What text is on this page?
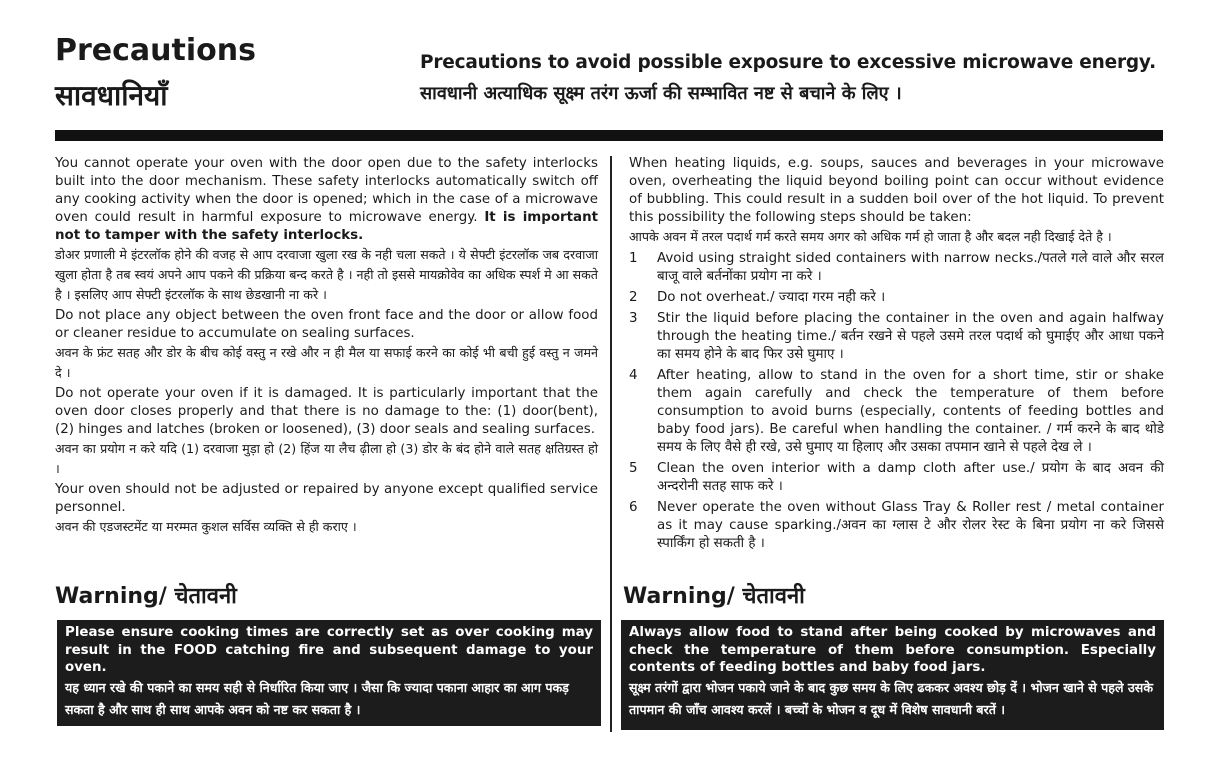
Precautions
सावधानियाँ
Precautions to avoid possible exposure to excessive microwave energy.
सावधानी अत्याधिक सूक्ष्म तरंग ऊर्जा की सम्भावित नष्ट से बचाने के लिए ।

You cannot operate your oven with the door open due to the safety interlocks built into the door mechanism. These safety interlocks automatically switch off any cooking activity when the door is opened; which in the case of a microwave oven could result in harmful exposure to microwave energy. It is important not to tamper with the safety interlocks.

डोअर प्रणाली मे इंटरलॉक होने की वजह से आप दरवाजा खुला रख के नही चला सकते । ये सेफ्टी इंटरलॉक जब दरवाजा खुला होता है तब स्वयं अपने आप पकने की प्रक्रिया बन्द करते है । नही तो इससे मायक्रोवेव का अधिक स्पर्श मे आ सकते है । इसलिए आप सेफ्टी इंटरलॉक के साथ छेडखानी ना करे ।

Do not place any object between the oven front face and the door or allow food or cleaner residue to accumulate on sealing surfaces.

अवन के फ्रंट सतह और डोर के बीच कोई वस्तु न रखे और न ही मैल या सफाई करने का कोई भी बची हुई वस्तु न जमने दे ।

Do not operate your oven if it is damaged. It is particularly important that the oven door closes properly and that there is no damage to the: (1) door(bent), (2) hinges and latches (broken or loosened), (3) door seals and sealing surfaces.

अवन का प्रयोग न करे यदि (1) दरवाजा मुड़ा हो (2) हिंज या लैच ढ़ीला हो (3) डोर के बंद होने वाले सतह क्षतिग्रस्त हो ।

Your oven should not be adjusted or repaired by anyone except qualified service personnel.

अवन की एडजस्टमेंट या मरम्मत कुशल सर्विस व्यक्ति से ही कराए ।

When heating liquids, e.g. soups, sauces and beverages in your microwave oven, overheating the liquid beyond boiling point can occur without evidence of bubbling. This could result in a sudden boil over of the hot liquid. To prevent this possibility the following steps should be taken:

आपके अवन में तरल पदार्थ गर्म करते समय अगर को अधिक गर्म हो जाता है और बदल नही दिखाई देते है ।

1 Avoid using straight sided containers with narrow necks./पतले गले वाले और सरल बाजू वाले बर्तनोंका प्रयोग ना करे ।
2 Do not overheat./ ज्यादा गरम नही करे ।
3 Stir the liquid before placing the container in the oven and again halfway through the heating time./ बर्तन रखने से पहले उसमे तरल पदार्थ को घुमाईए और आधा पकने का समय होने के बाद फिर उसे घुमाए ।
4 After heating, allow to stand in the oven for a short time, stir or shake them again carefully and check the temperature of them before consumption to avoid burns (especially, contents of feeding bottles and baby food jars). Be careful when handling the container. / गर्म करने के बाद थोडे समय के लिए वैसे ही रखे, उसे घुमाए या हिलाए और उसका तपमान खाने से पहले देख ले ।
5 Clean the oven interior with a damp cloth after use./ प्रयोग के बाद अवन की अन्दरोनी सतह साफ करे ।
6 Never operate the oven without Glass Tray & Roller rest / metal container as it may cause sparking./अवन का ग्लास टे और रोलर रेस्ट के बिना प्रयोग ना करे जिससे स्पार्किंग हो सकती है ।
Warning/ चेतावनी

Please ensure cooking times are correctly set as over cooking may result in the FOOD catching fire and subsequent damage to your oven.

यह ध्यान रखे की पकाने का समय सही से निर्धारित किया जाए । जैसा कि ज्यादा पकाना आहार का आग पकड़ सकता है और साथ ही साथ आपके अवन को नष्ट कर सकता है ।

Warning/ चेतावनी

Always allow food to stand after being cooked by microwaves and check the temperature of them before consumption. Especially contents of feeding bottles and baby food jars.

सूक्ष्म तरंगों द्वारा भोजन पकाये जाने के बाद कुछ समय के लिए ढककर अवश्य छोड़ दें । भोजन खाने से पहले उसके तापमान की जाँच आवश्य करलें । बच्चों के भोजन व दूध में विशेष सावधानी बरतें ।
